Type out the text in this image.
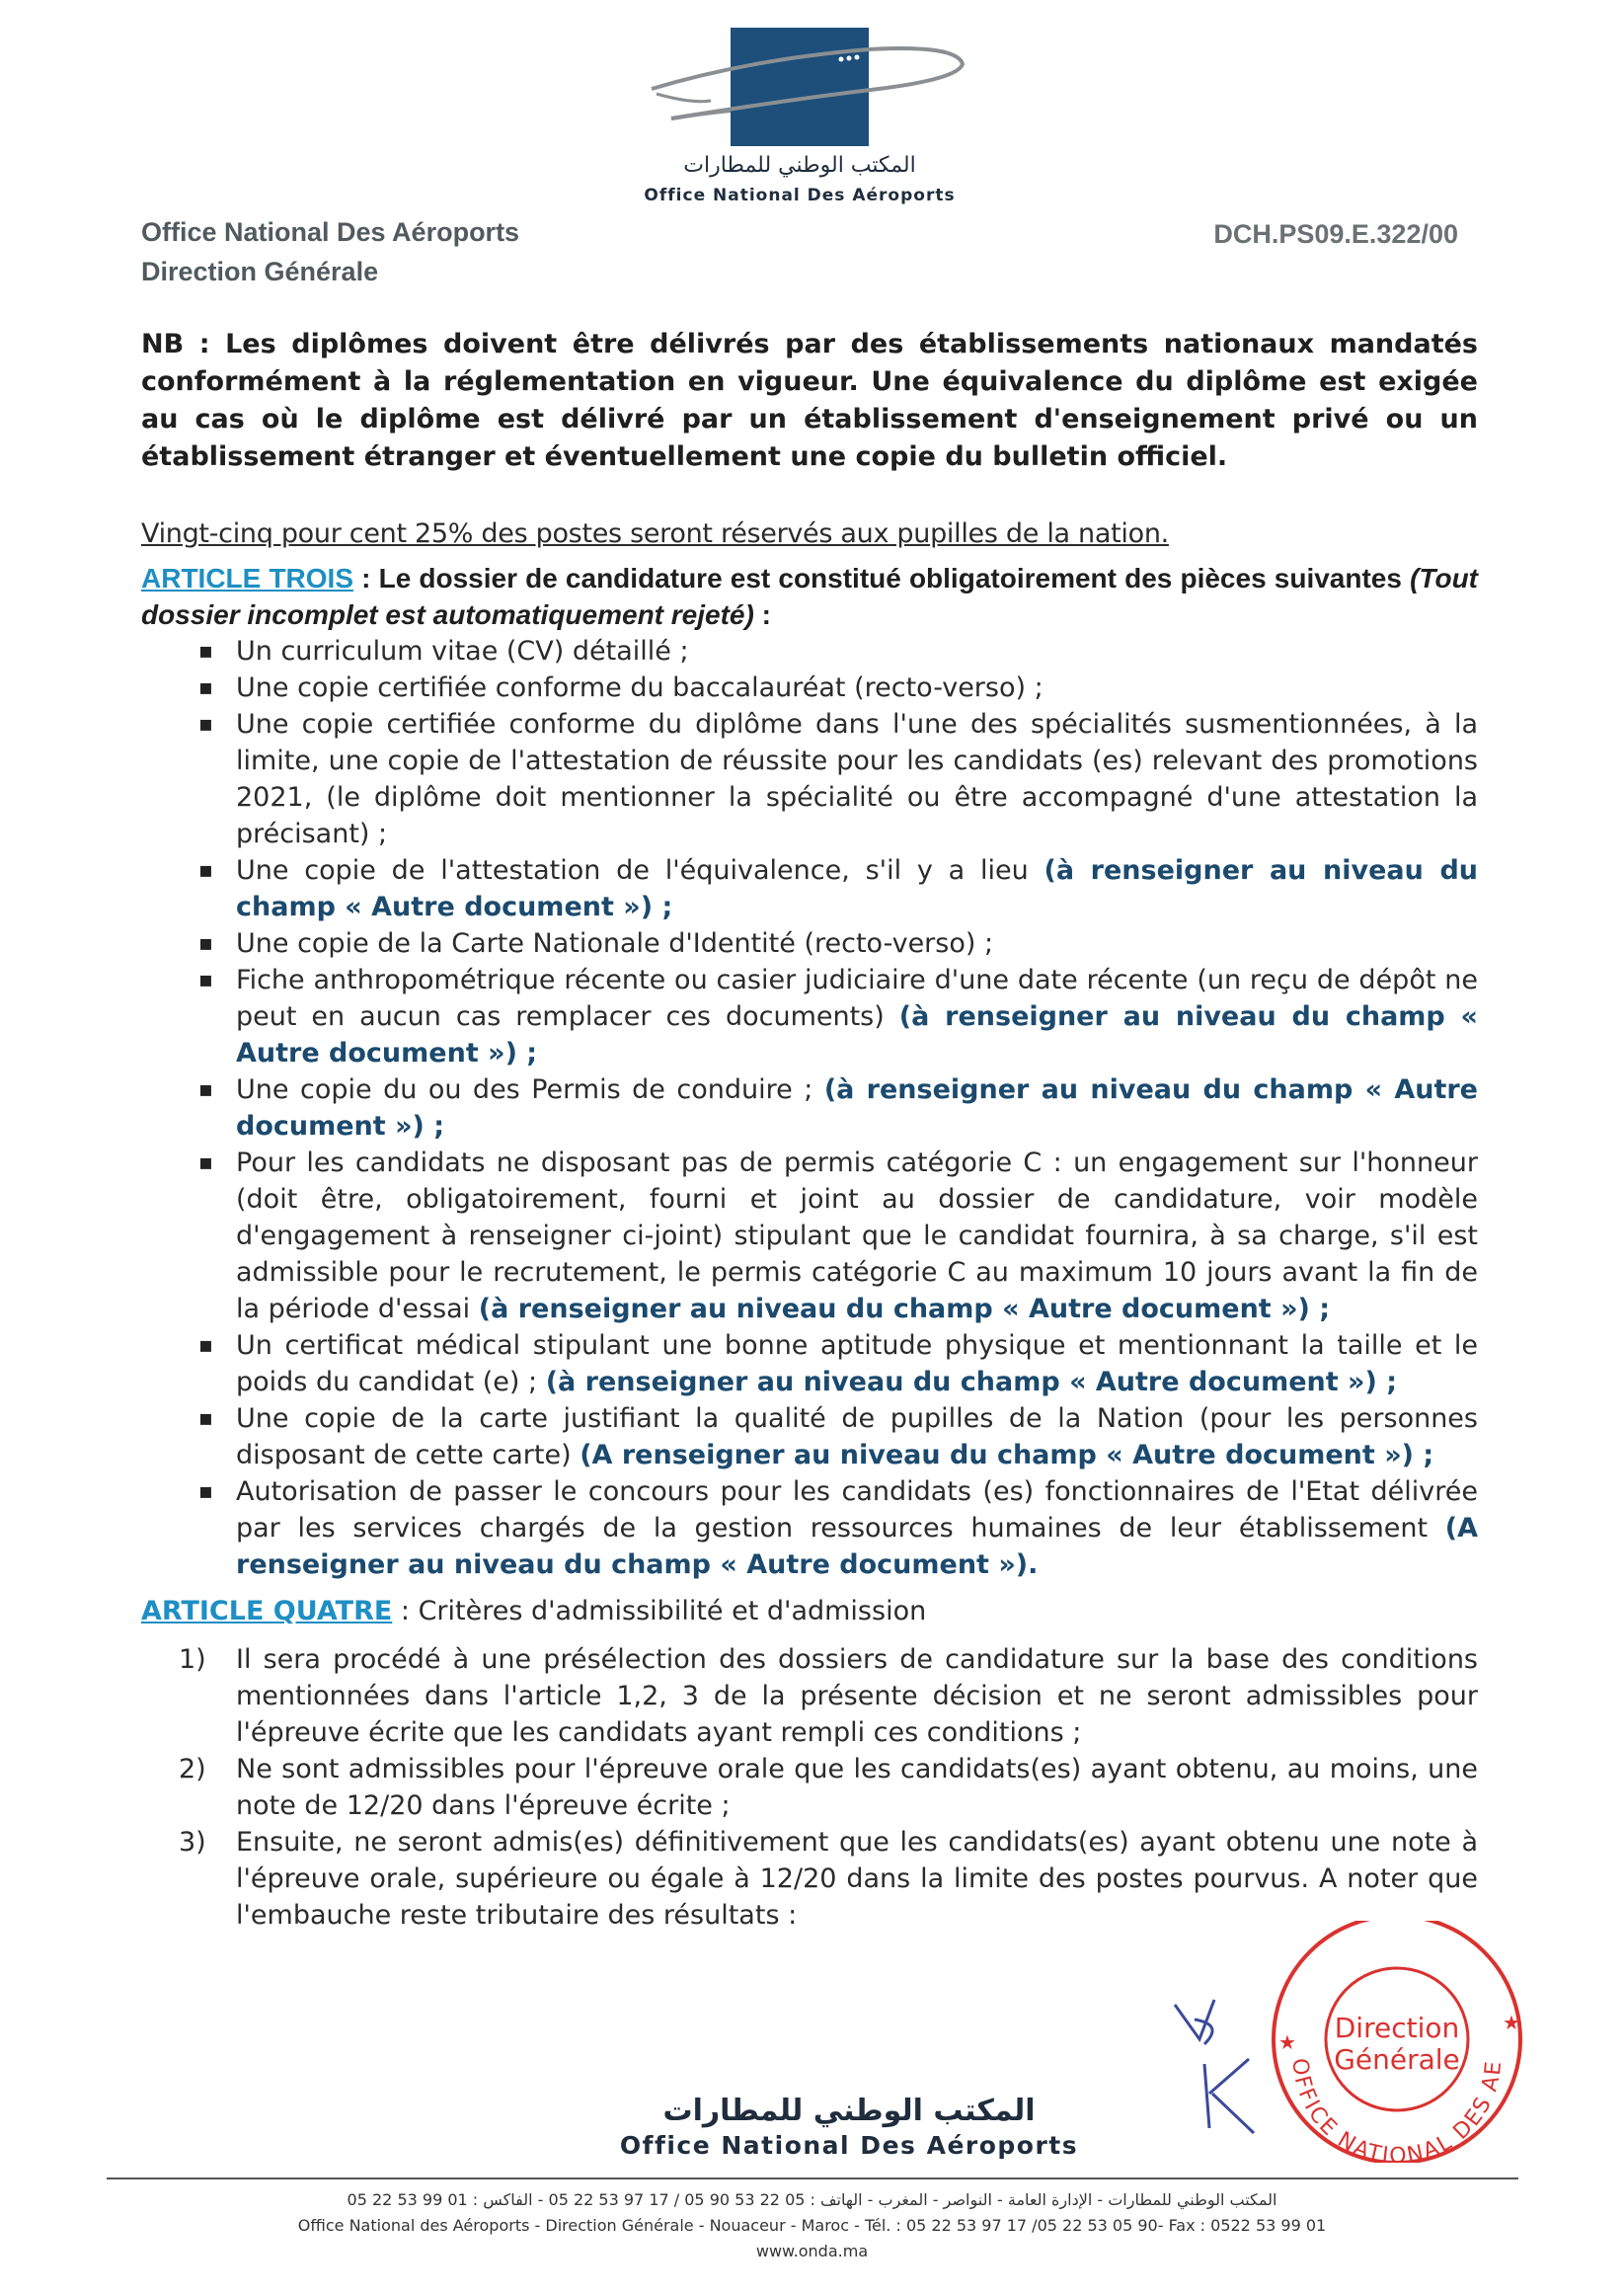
المكتب الوطني للمطارات
Office National Des Aéroports
Office National Des Aéroports
Direction Générale
DCH.PS09.E.322/00

NB : Les diplômes doivent être délivrés par des établissements nationaux mandatés conformément à la réglementation en vigueur. Une équivalence du diplôme est exigée au cas où le diplôme est délivré par un établissement d'enseignement privé ou un établissement étranger et éventuellement une copie du bulletin officiel.

Vingt-cinq pour cent 25% des postes seront réservés aux pupilles de la nation.

ARTICLE TROIS : Le dossier de candidature est constitué obligatoirement des pièces suivantes (Tout dossier incomplet est automatiquement rejeté) :

▪ Un curriculum vitae (CV) détaillé ;
▪ Une copie certifiée conforme du baccalauréat (recto-verso) ;
▪ Une copie certifiée conforme du diplôme dans l'une des spécialités susmentionnées, à la limite, une copie de l'attestation de réussite pour les candidats (es) relevant des promotions 2021, (le diplôme doit mentionner la spécialité ou être accompagné d'une attestation la précisant) ;
▪ Une copie de l'attestation de l'équivalence, s'il y a lieu (à renseigner au niveau du champ « Autre document ») ;
▪ Une copie de la Carte Nationale d'Identité (recto-verso) ;
▪ Fiche anthropométrique récente ou casier judiciaire d'une date récente (un reçu de dépôt ne peut en aucun cas remplacer ces documents) (à renseigner au niveau du champ « Autre document ») ;
▪ Une copie du ou des Permis de conduire ; (à renseigner au niveau du champ « Autre document ») ;
▪ Pour les candidats ne disposant pas de permis catégorie C : un engagement sur l'honneur (doit être, obligatoirement, fourni et joint au dossier de candidature, voir modèle d'engagement à renseigner ci-joint) stipulant que le candidat fournira, à sa charge, s'il est admissible pour le recrutement, le permis catégorie C au maximum 10 jours avant la fin de la période d'essai (à renseigner au niveau du champ « Autre document ») ;
▪ Un certificat médical stipulant une bonne aptitude physique et mentionnant la taille et le poids du candidat (e) ; (à renseigner au niveau du champ « Autre document ») ;
▪ Une copie de la carte justifiant la qualité de pupilles de la Nation (pour les personnes disposant de cette carte) (A renseigner au niveau du champ « Autre document ») ;
▪ Autorisation de passer le concours pour les candidats (es) fonctionnaires de l'Etat délivrée par les services chargés de la gestion ressources humaines de leur établissement (A renseigner au niveau du champ « Autre document »).

ARTICLE QUATRE : Critères d'admissibilité et d'admission

1) Il sera procédé à une présélection des dossiers de candidature sur la base des conditions mentionnées dans l'article 1,2, 3 de la présente décision et ne seront admissibles pour l'épreuve écrite que les candidats ayant rempli ces conditions ;
2) Ne sont admissibles pour l'épreuve orale que les candidats(es) ayant obtenu, au moins, une note de 12/20 dans l'épreuve écrite ;
3) Ensuite, ne seront admis(es) définitivement que les candidats(es) ayant obtenu une note à l'épreuve orale, supérieure ou égale à 12/20 dans la limite des postes pourvus. A noter que l'embauche reste tributaire des résultats :
OFFICE NATIONAL DES AE
Direction
Générale
★
★
المكتب الوطني للمطارات
Office National Des Aéroports
المكتب الوطني للمطارات - الإدارة العامة - النواصر - المغرب - الهاتف : 05 22 53 90 05 / 17 97 53 22 05 - الفاكس : 01 99 53 22 05
Office National des Aéroports - Direction Générale - Nouaceur - Maroc - Tél. : 05 22 53 97 17 /05 22 53 05 90- Fax : 0522 53 99 01
www.onda.ma
